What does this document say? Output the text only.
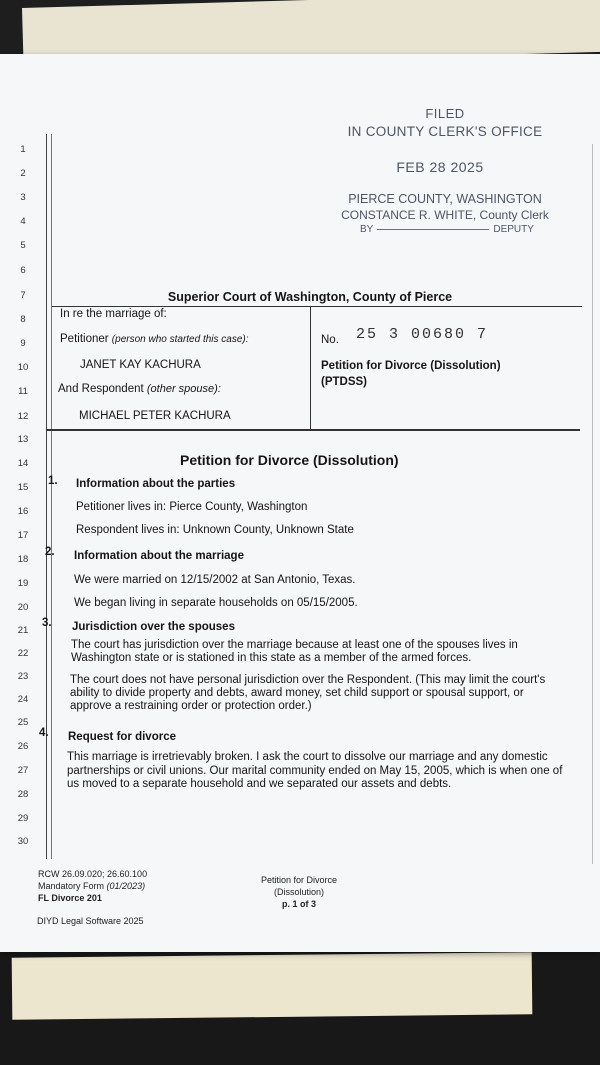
FILED
IN COUNTY CLERK'S OFFICE
FEB 28 2025
PIERCE COUNTY, WASHINGTON
CONSTANCE R. WHITE, County Clerk
BY	DEPUTY
1
2
3
4
5
6
7
8
9
10
11
12
13
14
15
16
17
18
19
20
21
22
23
24
25
26
27
28
29
30
Superior Court of Washington, County of Pierce
In re the marriage of:
Petitioner (person who started this case):
JANET KAY KACHURA
And Respondent (other spouse):
MICHAEL PETER KACHURA
No. 25 3 00680 7
Petition for Divorce (Dissolution)
(PTDSS)
Petition for Divorce (Dissolution)
1. Information about the parties
Petitioner lives in: Pierce County, Washington
Respondent lives in: Unknown County, Unknown State
2. Information about the marriage
We were married on 12/15/2002 at San Antonio, Texas.
We began living in separate households on 05/15/2005.
3. Jurisdiction over the spouses
The court has jurisdiction over the marriage because at least one of the spouses lives in Washington state or is stationed in this state as a member of the armed forces.
The court does not have personal jurisdiction over the Respondent. (This may limit the court's ability to divide property and debts, award money, set child support or spousal support, or approve a restraining order or protection order.)
4. Request for divorce
This marriage is irretrievably broken. I ask the court to dissolve our marriage and any domestic partnerships or civil unions. Our marital community ended on May 15, 2005, which is when one of us moved to a separate household and we separated our assets and debts.
RCW 26.09.020; 26.60.100
Mandatory Form (01/2023)
FL Divorce 201
DIYD Legal Software 2025
Petition for Divorce
(Dissolution)
p. 1 of 3
